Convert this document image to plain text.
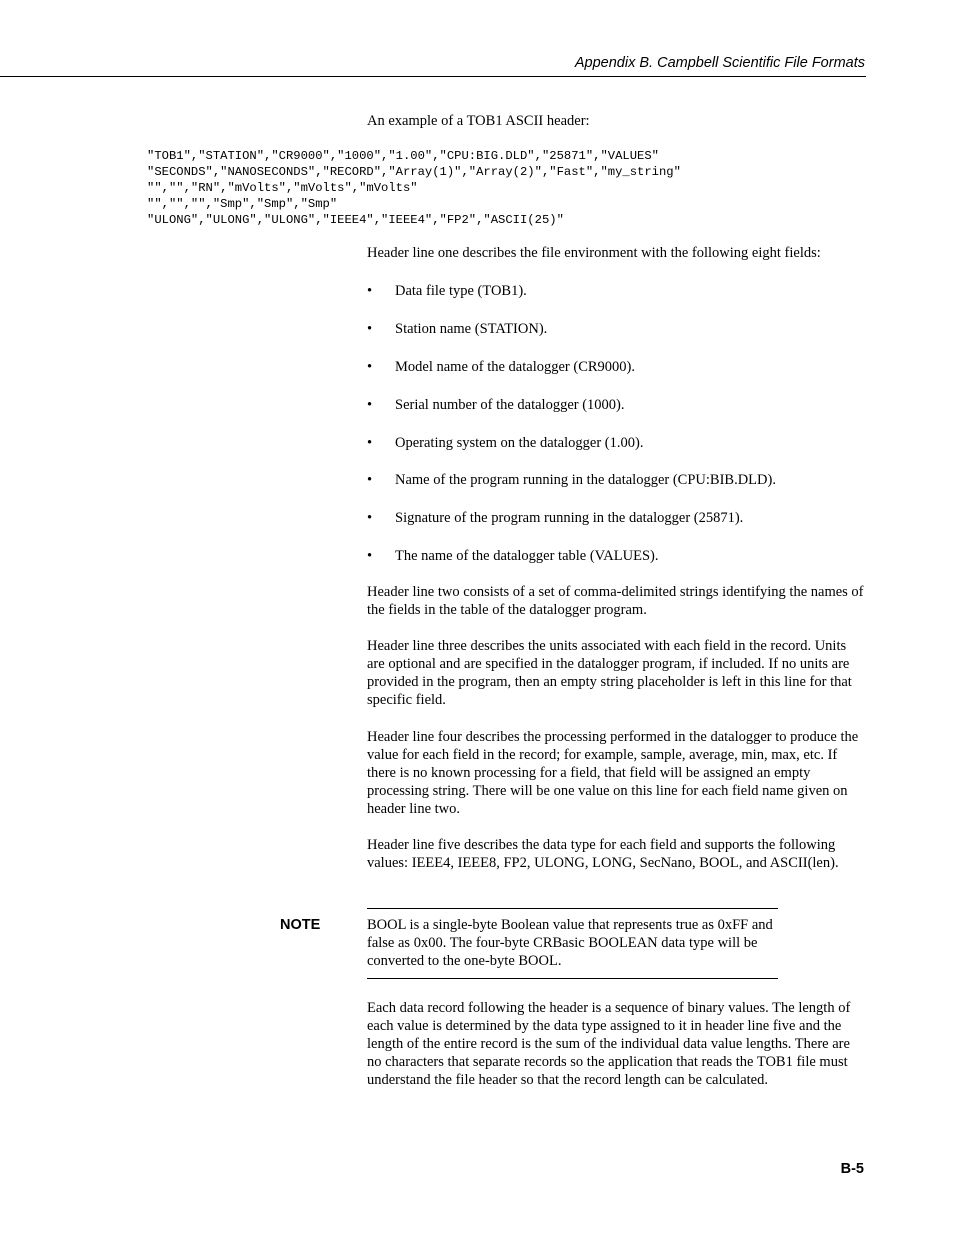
Appendix B. Campbell Scientific File Formats

An example of a TOB1 ASCII header:

"TOB1","STATION","CR9000","1000","1.00","CPU:BIG.DLD","25871","VALUES"
"SECONDS","NANOSECONDS","RECORD","Array(1)","Array(2)","Fast","my_string"
"","","RN","mVolts","mVolts","mVolts"
"","","","Smp","Smp","Smp"
"ULONG","ULONG","ULONG","IEEE4","IEEE4","FP2","ASCII(25)"

Header line one describes the file environment with the following eight fields:

• Data file type (TOB1).
• Station name (STATION).
• Model name of the datalogger (CR9000).
• Serial number of the datalogger (1000).
• Operating system on the datalogger (1.00).
• Name of the program running in the datalogger (CPU:BIB.DLD).
• Signature of the program running in the datalogger (25871).
• The name of the datalogger table (VALUES).

Header line two consists of a set of comma-delimited strings identifying the names of the fields in the table of the datalogger program.

Header line three describes the units associated with each field in the record. Units are optional and are specified in the datalogger program, if included. If no units are provided in the program, then an empty string placeholder is left in this line for that specific field.

Header line four describes the processing performed in the datalogger to produce the value for each field in the record; for example, sample, average, min, max, etc. If there is no known processing for a field, that field will be assigned an empty processing string. There will be one value on this line for each field name given on header line two.

Header line five describes the data type for each field and supports the following values: IEEE4, IEEE8, FP2, ULONG, LONG, SecNano, BOOL, and ASCII(len).

NOTE	BOOL is a single-byte Boolean value that represents true as 0xFF and false as 0x00. The four-byte CRBasic BOOLEAN data type will be converted to the one-byte BOOL.

Each data record following the header is a sequence of binary values. The length of each value is determined by the data type assigned to it in header line five and the length of the entire record is the sum of the individual data value lengths. There are no characters that separate records so the application that reads the TOB1 file must understand the file header so that the record length can be calculated.

B-5
